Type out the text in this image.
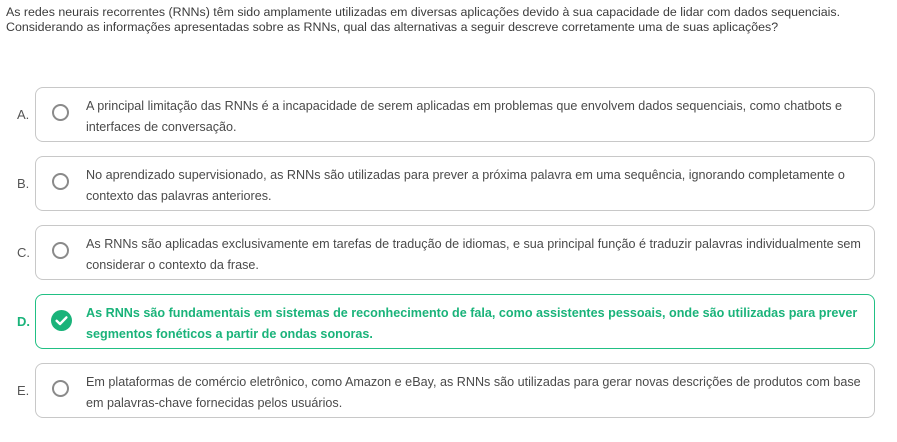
As redes neurais recorrentes (RNNs) têm sido amplamente utilizadas em diversas aplicações devido à sua capacidade de lidar com dados sequenciais. Considerando as informações apresentadas sobre as RNNs, qual das alternativas a seguir descreve corretamente uma de suas aplicações?
A.
A principal limitação das RNNs é a incapacidade de serem aplicadas em problemas que envolvem dados sequenciais, como chatbots e interfaces de conversação.
B.
No aprendizado supervisionado, as RNNs são utilizadas para prever a próxima palavra em uma sequência, ignorando completamente o contexto das palavras anteriores.
C.
As RNNs são aplicadas exclusivamente em tarefas de tradução de idiomas, e sua principal função é traduzir palavras individualmente sem considerar o contexto da frase.
D.
As RNNs são fundamentais em sistemas de reconhecimento de fala, como assistentes pessoais, onde são utilizadas para prever segmentos fonéticos a partir de ondas sonoras.
E.
Em plataformas de comércio eletrônico, como Amazon e eBay, as RNNs são utilizadas para gerar novas descrições de produtos com base em palavras-chave fornecidas pelos usuários.
